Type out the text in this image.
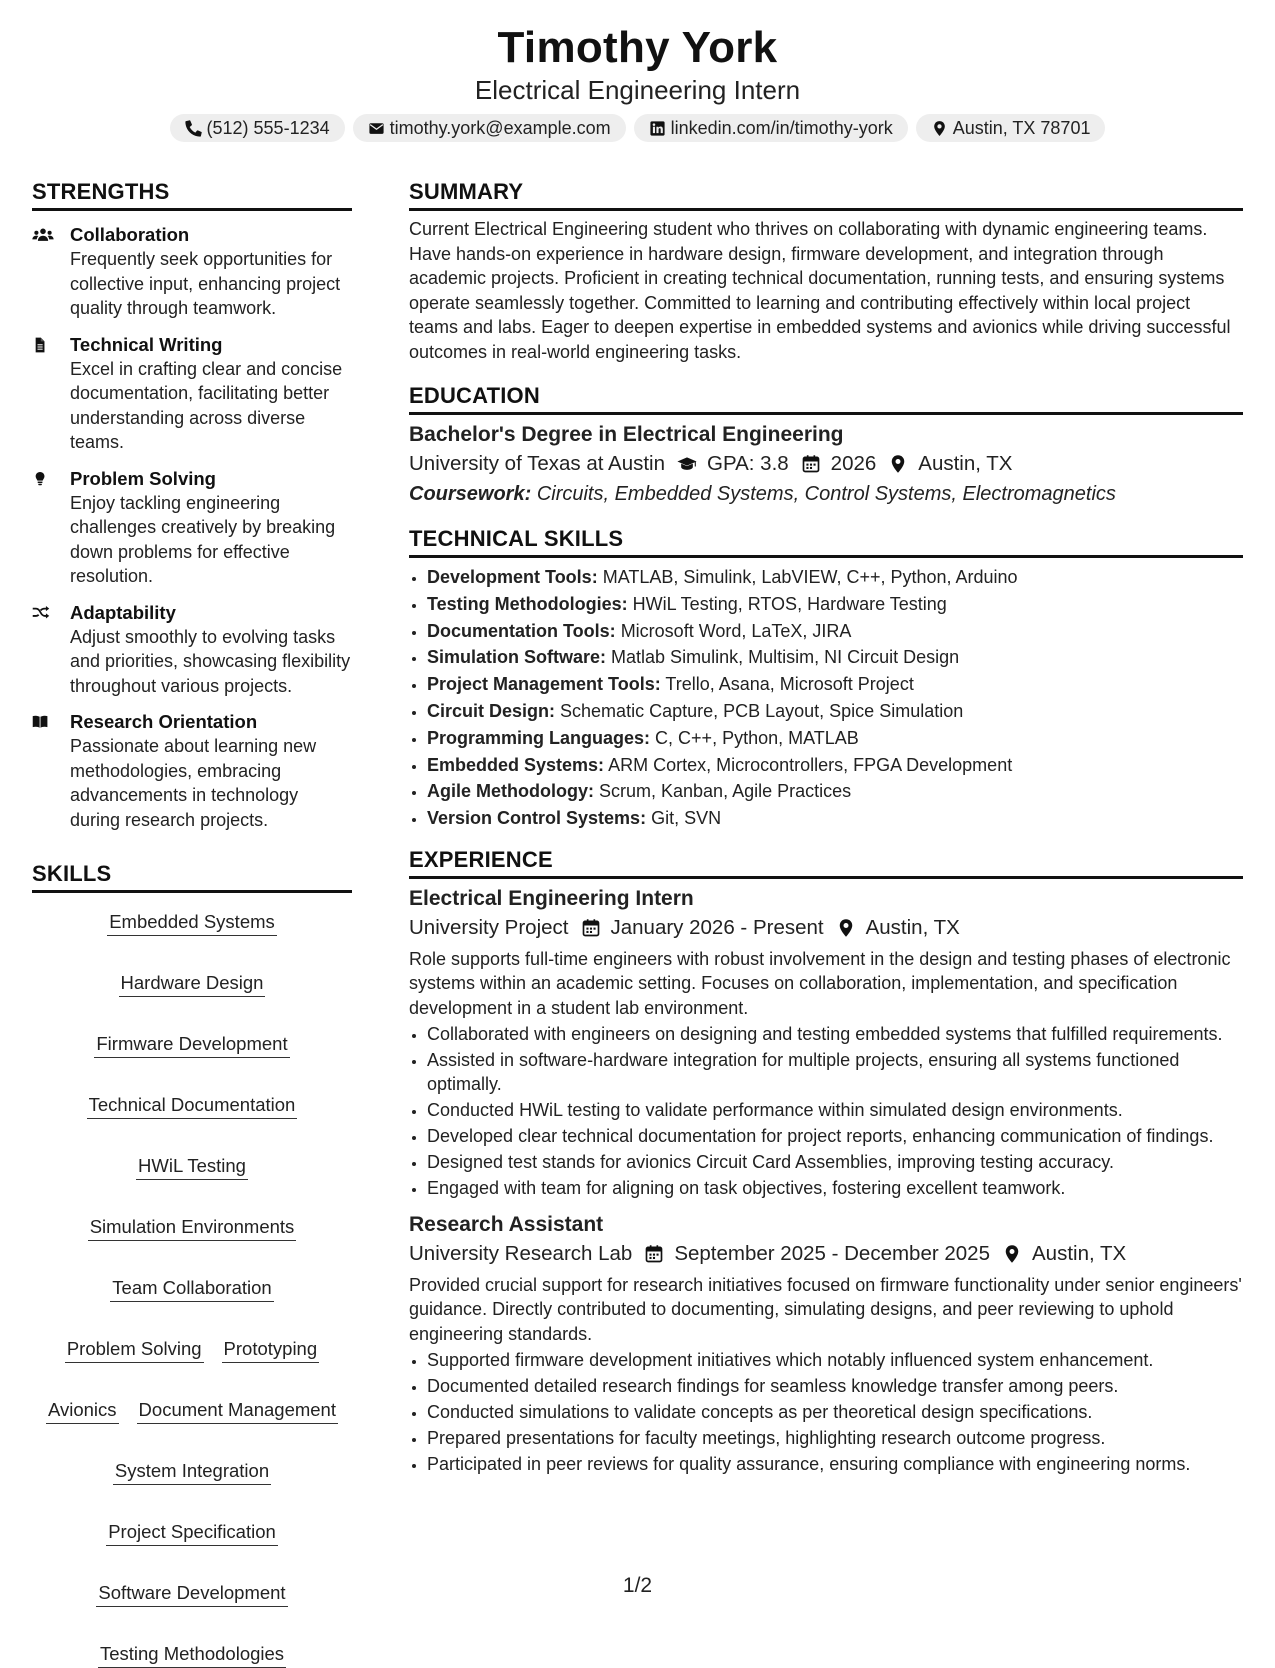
Timothy York
Electrical Engineering Intern
(512) 555-1234	timothy.york@example.com	linkedin.com/in/timothy-york	Austin, TX 78701
STRENGTHS
Collaboration
Frequently seek opportunities for collective input, enhancing project quality through teamwork.
Technical Writing
Excel in crafting clear and concise documentation, facilitating better understanding across diverse teams.
Problem Solving
Enjoy tackling engineering challenges creatively by breaking down problems for effective resolution.
Adaptability
Adjust smoothly to evolving tasks and priorities, showcasing flexibility throughout various projects.
Research Orientation
Passionate about learning new methodologies, embracing advancements in technology during research projects.
SKILLS
Embedded Systems
Hardware Design
Firmware Development
Technical Documentation
HWiL Testing
Simulation Environments
Team Collaboration
Problem Solving Prototyping
Avionics Document Management
System Integration
Project Specification
Software Development
Testing Methodologies
SUMMARY
Current Electrical Engineering student who thrives on collaborating with dynamic engineering teams. Have hands-on experience in hardware design, firmware development, and integration through academic projects. Proficient in creating technical documentation, running tests, and ensuring systems operate seamlessly together. Committed to learning and contributing effectively within local project teams and labs. Eager to deepen expertise in embedded systems and avionics while driving successful outcomes in real-world engineering tasks.
EDUCATION
Bachelor's Degree in Electrical Engineering
University of Texas at Austin GPA: 3.8 2026 Austin, TX
Coursework: Circuits, Embedded Systems, Control Systems, Electromagnetics
TECHNICAL SKILLS
• Development Tools: MATLAB, Simulink, LabVIEW, C++, Python, Arduino
• Testing Methodologies: HWiL Testing, RTOS, Hardware Testing
• Documentation Tools: Microsoft Word, LaTeX, JIRA
• Simulation Software: Matlab Simulink, Multisim, NI Circuit Design
• Project Management Tools: Trello, Asana, Microsoft Project
• Circuit Design: Schematic Capture, PCB Layout, Spice Simulation
• Programming Languages: C, C++, Python, MATLAB
• Embedded Systems: ARM Cortex, Microcontrollers, FPGA Development
• Agile Methodology: Scrum, Kanban, Agile Practices
• Version Control Systems: Git, SVN
EXPERIENCE
Electrical Engineering Intern
University Project January 2026 - Present Austin, TX
Role supports full-time engineers with robust involvement in the design and testing phases of electronic systems within an academic setting. Focuses on collaboration, implementation, and specification development in a student lab environment.
• Collaborated with engineers on designing and testing embedded systems that fulfilled requirements.
• Assisted in software-hardware integration for multiple projects, ensuring all systems functioned optimally.
• Conducted HWiL testing to validate performance within simulated design environments.
• Developed clear technical documentation for project reports, enhancing communication of findings.
• Designed test stands for avionics Circuit Card Assemblies, improving testing accuracy.
• Engaged with team for aligning on task objectives, fostering excellent teamwork.
Research Assistant
University Research Lab September 2025 - December 2025 Austin, TX
Provided crucial support for research initiatives focused on firmware functionality under senior engineers' guidance. Directly contributed to documenting, simulating designs, and peer reviewing to uphold engineering standards.
• Supported firmware development initiatives which notably influenced system enhancement.
• Documented detailed research findings for seamless knowledge transfer among peers.
• Conducted simulations to validate concepts as per theoretical design specifications.
• Prepared presentations for faculty meetings, highlighting research outcome progress.
• Participated in peer reviews for quality assurance, ensuring compliance with engineering norms.
1/2
